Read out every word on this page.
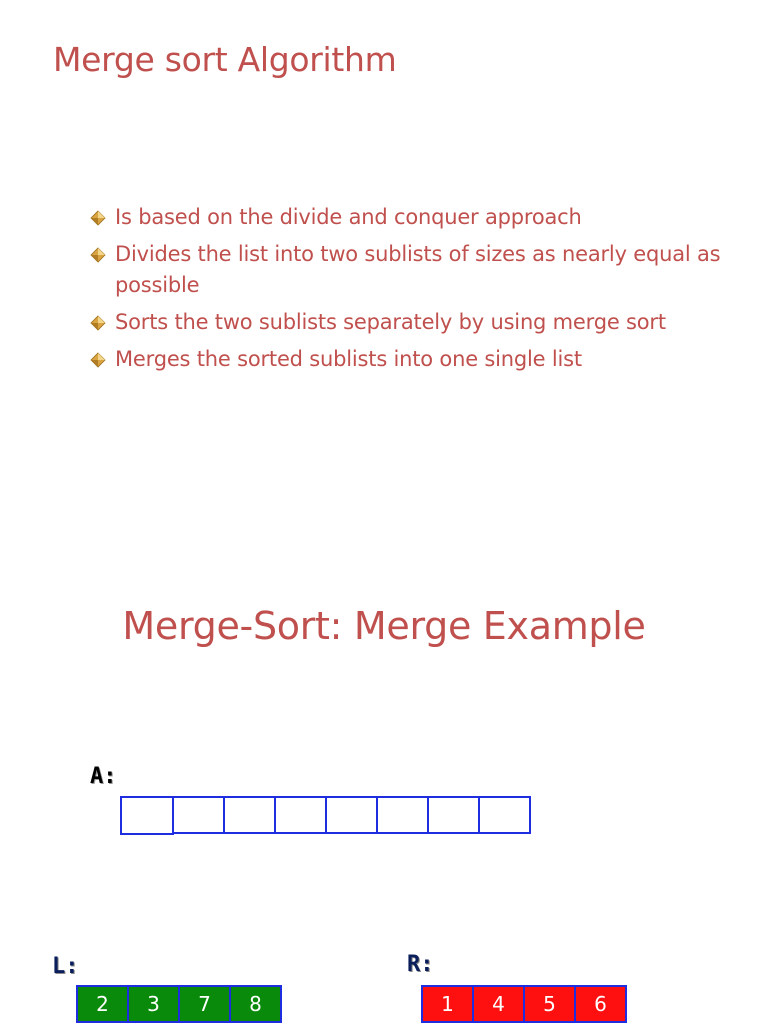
Merge sort Algorithm
Is based on the divide and conquer approach
Divides the list into two sublists of sizes as nearly equal as possible
Sorts the two sublists separately by using merge sort
Merges the sorted sublists into one single list
Merge-Sort: Merge Example
A:
L:
2	3	7	8
R:
1	4	5	6
